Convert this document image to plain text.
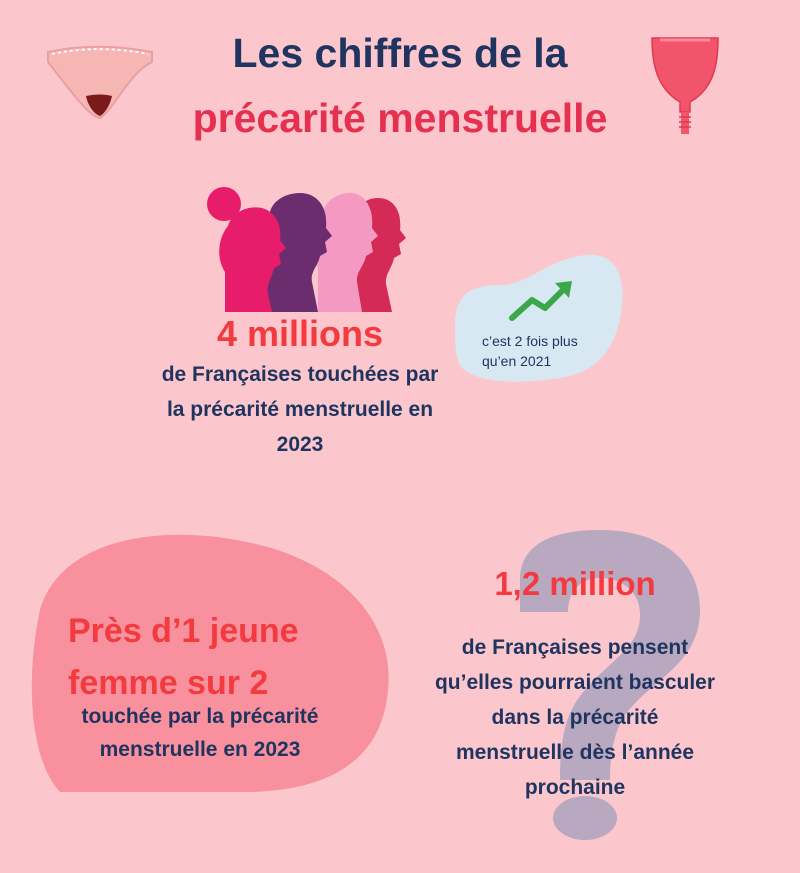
Les chiffres de la
précarité menstruelle
4 millions
de Françaises touchées par la précarité menstruelle en 2023
c’est 2 fois plus qu’en 2021
Près d’1 jeune femme sur 2
touchée par la précarité menstruelle en 2023
1,2 million
de Françaises pensent qu’elles pourraient basculer dans la précarité menstruelle dès l’année prochaine
